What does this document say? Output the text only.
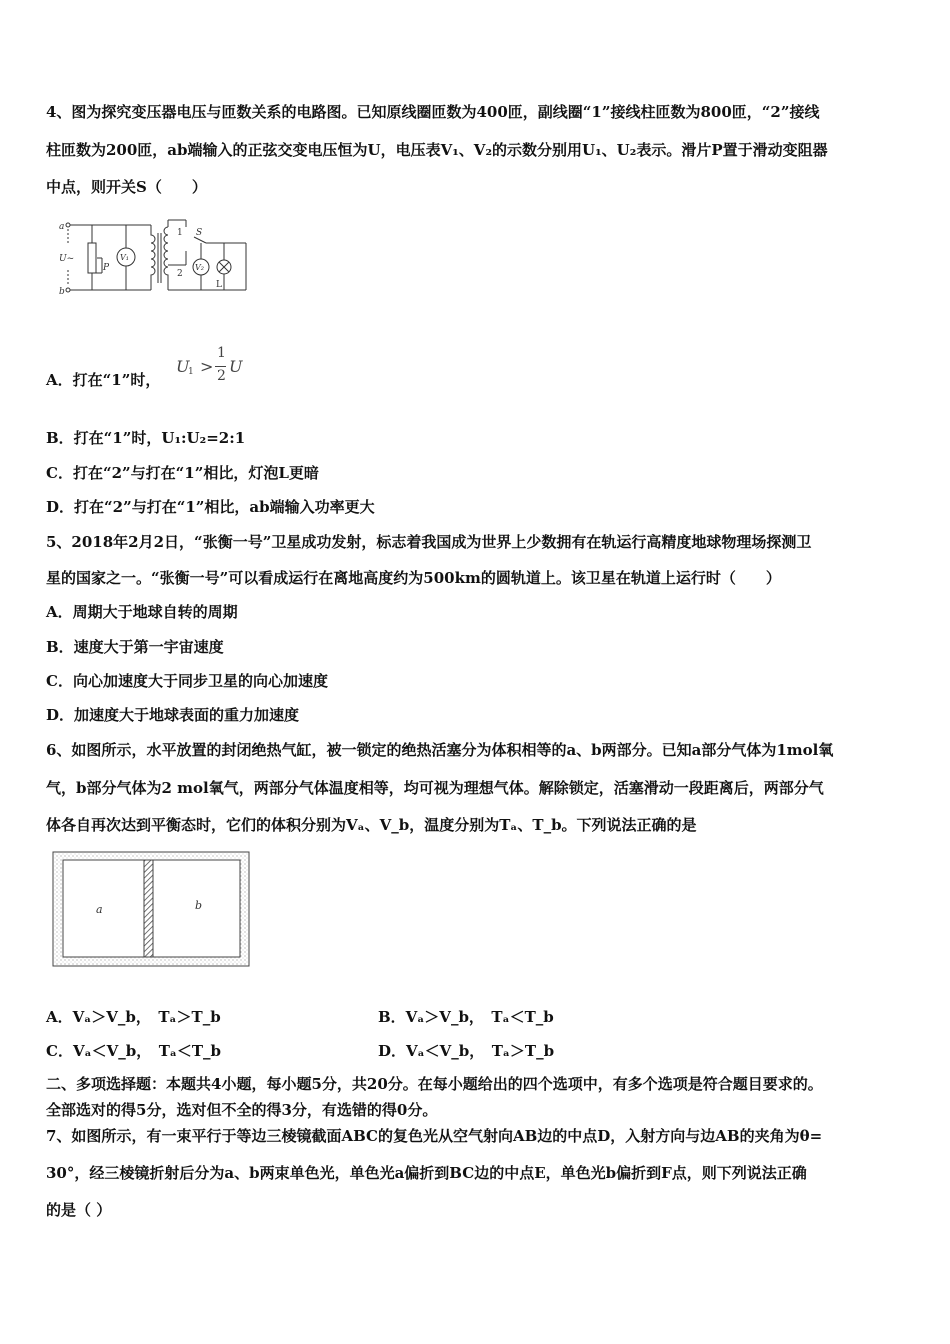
4、图为探究变压器电压与匝数关系的电路图。已知原线圈匝数为400匝，副线圈“1”接线柱匝数为800匝，“2”接线
柱匝数为200匝，ab端输入的正弦交变电压恒为U，电压表V₁、V₂的示数分别用U₁、U₂表示。滑片P置于滑动变阻器
中点，则开关S（　　）
a
b
U~
P
V₁
V₂
S
1
2
L
A．打在“1”时，
U
1 >
1
2 U
B．打在“1”时，U₁:U₂=2:1
C．打在“2”与打在“1”相比，灯泡L更暗
D．打在“2”与打在“1”相比，ab端输入功率更大
5、2018年2月2日，“张衡一号”卫星成功发射，标志着我国成为世界上少数拥有在轨运行高精度地球物理场探测卫
星的国家之一。“张衡一号”可以看成运行在离地高度约为500km的圆轨道上。该卫星在轨道上运行时（　　）
A．周期大于地球自转的周期
B．速度大于第一宇宙速度
C．向心加速度大于同步卫星的向心加速度
D．加速度大于地球表面的重力加速度
6、如图所示，水平放置的封闭绝热气缸，被一锁定的绝热活塞分为体积相等的a、b两部分。已知a部分气体为1mol氧
气，b部分气体为2 mol氧气，两部分气体温度相等，均可视为理想气体。解除锁定，活塞滑动一段距离后，两部分气
体各自再次达到平衡态时，它们的体积分别为Vₐ、V_b，温度分别为Tₐ、T_b。下列说法正确的是
a	b
A．Vₐ＞V_b，　Tₐ＞T_b	B．Vₐ＞V_b，　Tₐ＜T_b
C．Vₐ＜V_b，　Tₐ＜T_b	D．Vₐ＜V_b，　Tₐ＞T_b
二、多项选择题：本题共4小题，每小题5分，共20分。在每小题给出的四个选项中，有多个选项是符合题目要求的。
全部选对的得5分，选对但不全的得3分，有选错的得0分。
7、如图所示，有一束平行于等边三棱镜截面ABC的复色光从空气射向AB边的中点D，入射方向与边AB的夹角为θ=
30°，经三棱镜折射后分为a、b两束单色光，单色光a偏折到BC边的中点E，单色光b偏折到F点，则下列说法正确
的是（ ）
